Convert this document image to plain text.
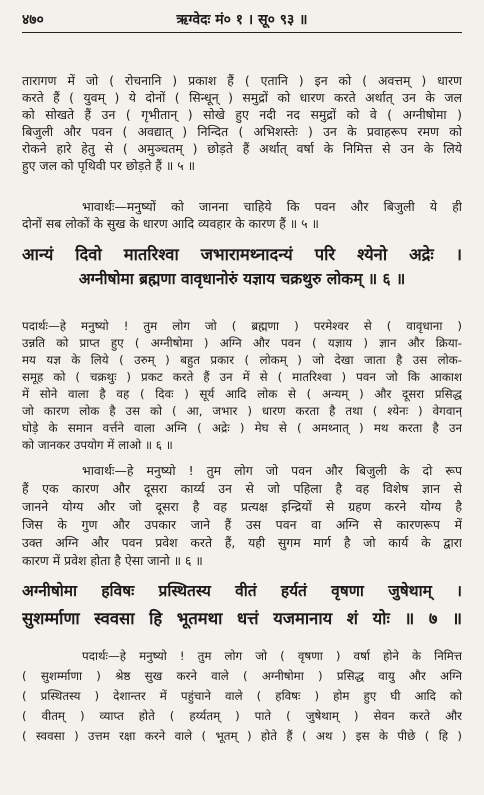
४७०	ऋग्वेदः मं० १ । सू० ९३ ॥
तारागण में जो ( रोचनानि ) प्रकाश हैं ( एतानि ) इन को ( अवत्तम् ) धारण
करते हैं ( युवम् ) ये दोनों ( सिन्धून् ) समुद्रों को धारण करते अर्थात् उन के जल
को सोखते हैं उन ( गृभीतान् ) सोखे हुए नदी नद समुद्रों को वे ( अग्नीषोमा )
बिजुली और पवन ( अवद्यात् ) निन्दित ( अभिशस्तेः ) उन के प्रवाहरूप रमण को
रोकने हारे हेतु से ( अमुञ्चतम् ) छोड़ते हैं अर्थात् वर्षा के निमित्त से उन के लिये
हुए जल को पृथिवी पर छोड़ते हैं ॥ ५ ॥
भावार्थः—मनुष्यों को जानना चाहिये कि पवन और बिजुली ये ही
दोनों सब लोकों के सुख के धारण आदि व्यवहार के कारण हैं ॥ ५ ॥
आन्यं दिवो मातरिश्वा जभारामथ्नादन्यं परि श्येनो अद्रेः ।
अग्नीषोमा ब्रह्मणा वावृधानोरुं यज्ञाय चक्रथुरु लोकम् ॥ ६ ॥
पदार्थः—हे मनुष्यो ! तुम लोग जो ( ब्रह्मणा ) परमेश्वर से ( वावृधाना )
उन्नति को प्राप्त हुए ( अग्नीषोमा ) अग्नि और पवन ( यज्ञाय ) ज्ञान और क्रिया-
मय यज्ञ के लिये ( उरुम् ) बहुत प्रकार ( लोकम् ) जो देखा जाता है उस लोक-
समूह को ( चक्रथुः ) प्रकट करते हैं उन में से ( मातरिश्वा ) पवन जो कि आकाश
में सोने वाला है वह ( दिवः ) सूर्य आदि लोक से ( अन्यम् ) और दूसरा प्रसिद्ध
जो कारण लोक है उस को ( आ, जभार ) धारण करता है तथा ( श्येनः ) वेगवान्
घोड़े के समान वर्त्तने वाला अग्नि ( अद्रेः ) मेघ से ( अमथ्नात् ) मथ करता है उन
को जानकर उपयोग में लाओ ॥ ६ ॥
भावार्थः—हे मनुष्यो ! तुम लोग जो पवन और बिजुली के दो रूप
हैं एक कारण और दूसरा कार्य्य उन से जो पहिला है वह विशेष ज्ञान से
जानने योग्य और जो दूसरा है वह प्रत्यक्ष इन्द्रियों से ग्रहण करने योग्य है
जिस के गुण और उपकार जाने हैं उस पवन वा अग्नि से कारणरूप में
उक्त अग्नि और पवन प्रवेश करते हैं, यही सुगम मार्ग है जो कार्य के द्वारा
कारण में प्रवेश होता है ऐसा जानो ॥ ६ ॥
अग्नीषोमा हविषः प्रस्थितस्य वीतं हर्यतं वृषणा जुषेथाम् ।
सुशर्म्माणा स्ववसा हि भूतमथा धत्तं यजमानाय शं योः ॥ ७ ॥
पदार्थः—हे मनुष्यो ! तुम लोग जो ( वृषणा ) वर्षा होने के निमित्त
( सुशर्म्माणा ) श्रेष्ठ सुख करने वाले ( अग्नीषोमा ) प्रसिद्ध वायु और अग्नि
( प्रस्थितस्य ) देशान्तर में पहुंचाने वाले ( हविषः ) होम हुए घी आदि को
( वीतम् ) व्याप्त होते ( हर्य्यतम् ) पाते ( जुषेथाम् ) सेवन करते और
( स्ववसा ) उत्तम रक्षा करने वाले ( भूतम् ) होते हैं ( अथ ) इस के पीछे ( हि )
